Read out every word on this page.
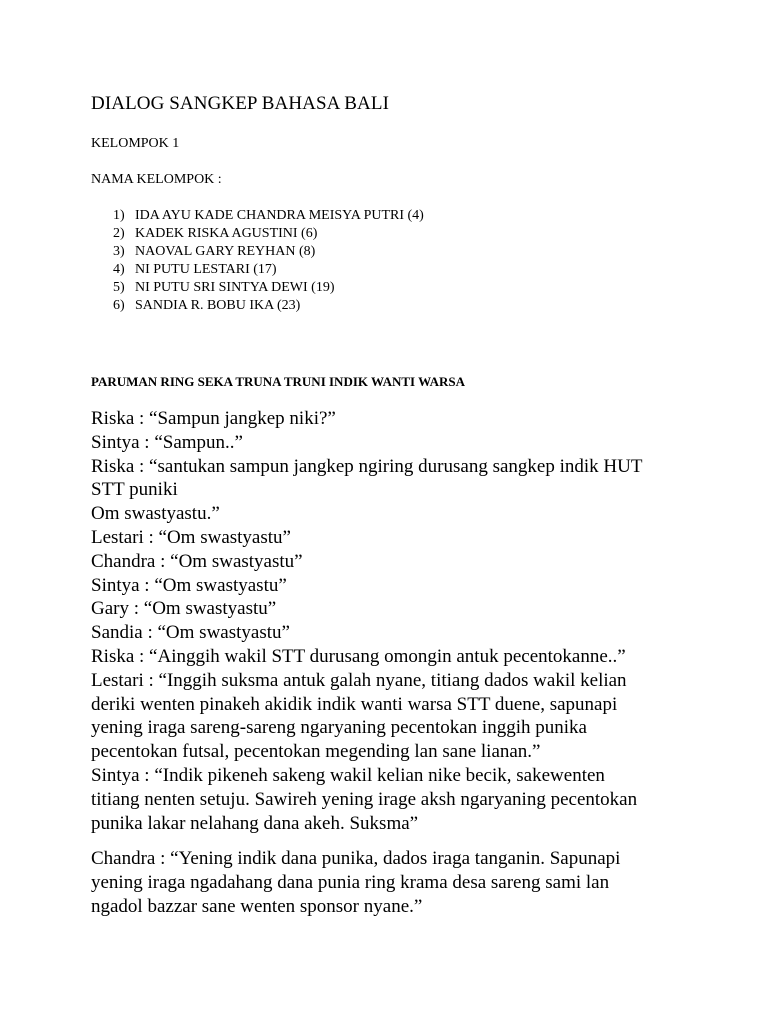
DIALOG SANGKEP BAHASA BALI
KELOMPOK 1
NAMA KELOMPOK :
1) IDA AYU KADE CHANDRA MEISYA PUTRI (4)
2) KADEK RISKA AGUSTINI (6)
3) NAOVAL GARY REYHAN (8)
4) NI PUTU LESTARI (17)
5) NI PUTU SRI SINTYA DEWI (19)
6) SANDIA R. BOBU IKA (23)
PARUMAN RING SEKA TRUNA TRUNI INDIK WANTI WARSA
Riska : “Sampun jangkep niki?”
Sintya : “Sampun..”
Riska : “santukan sampun jangkep ngiring durusang sangkep indik HUT
STT puniki
Om swastyastu.”
Lestari : “Om swastyastu”
Chandra : “Om swastyastu”
Sintya : “Om swastyastu”
Gary : “Om swastyastu”
Sandia : “Om swastyastu”
Riska : “Ainggih wakil STT durusang omongin antuk pecentokanne..”
Lestari : “Inggih suksma antuk galah nyane, titiang dados wakil kelian
deriki wenten pinakeh akidik indik wanti warsa STT duene, sapunapi
yening iraga sareng-sareng ngaryaning pecentokan inggih punika
pecentokan futsal, pecentokan megending lan sane lianan.”
Sintya : “Indik pikeneh sakeng wakil kelian nike becik, sakewenten
titiang nenten setuju. Sawireh yening irage aksh ngaryaning pecentokan
punika lakar nelahang dana akeh. Suksma”
Chandra : “Yening indik dana punika, dados iraga tanganin. Sapunapi
yening iraga ngadahang dana punia ring krama desa sareng sami lan
ngadol bazzar sane wenten sponsor nyane.”
